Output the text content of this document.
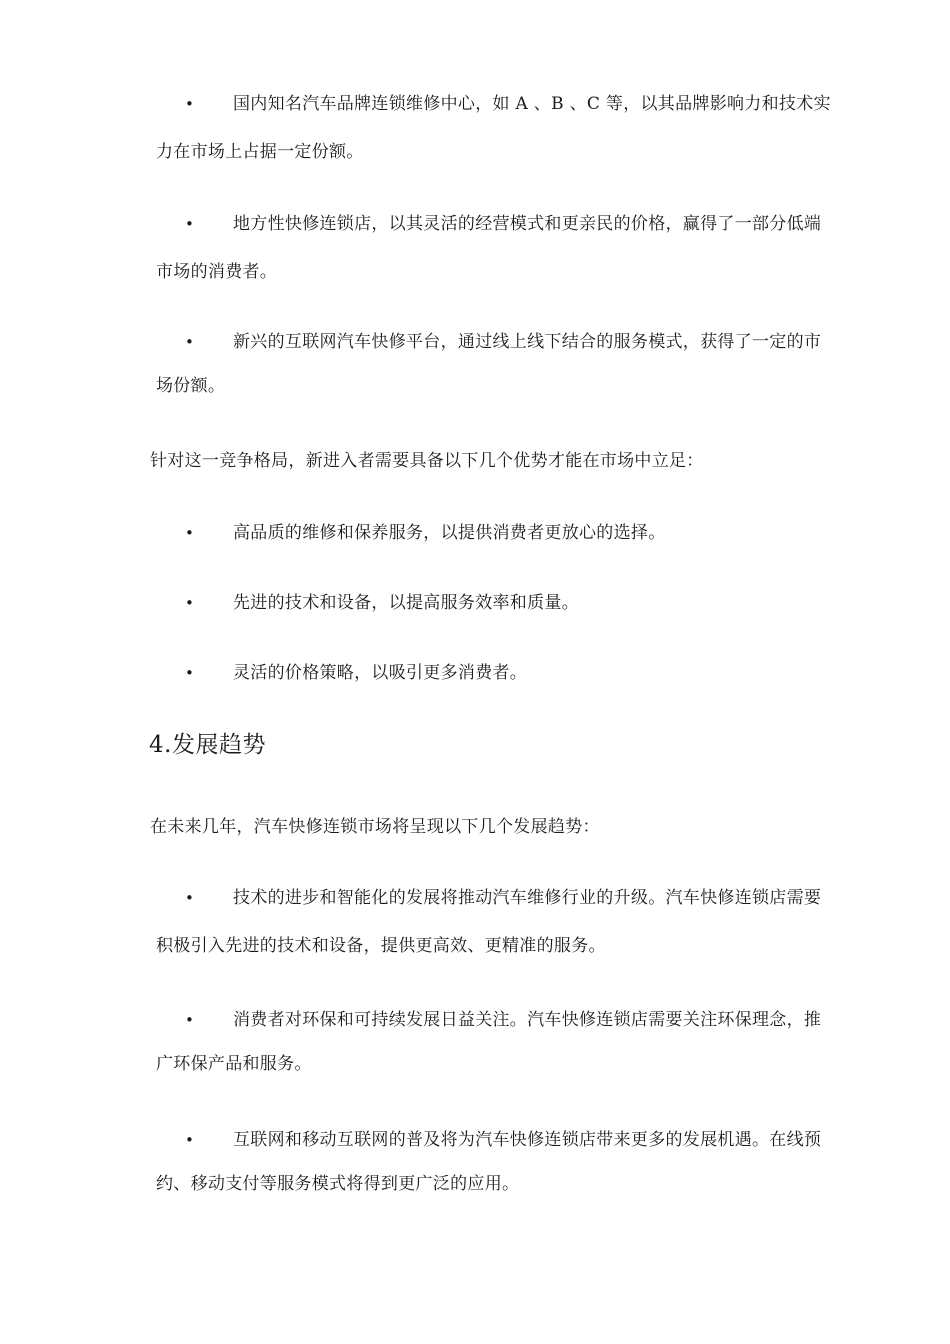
• 国内知名汽车品牌连锁维修中心，如 A 、B 、C 等，以其品牌影响力和技术实力在市场上占据一定份额。
• 地方性快修连锁店，以其灵活的经营模式和更亲民的价格，赢得了一部分低端市场的消费者。
• 新兴的互联网汽车快修平台，通过线上线下结合的服务模式，获得了一定的市场份额。
针对这一竞争格局，新进入者需要具备以下几个优势才能在市场中立足：
• 高品质的维修和保养服务，以提供消费者更放心的选择。
• 先进的技术和设备，以提高服务效率和质量。
• 灵活的价格策略，以吸引更多消费者。
4.发展趋势
在未来几年，汽车快修连锁市场将呈现以下几个发展趋势：
• 技术的进步和智能化的发展将推动汽车维修行业的升级。汽车快修连锁店需要积极引入先进的技术和设备，提供更高效、更精准的服务。
• 消费者对环保和可持续发展日益关注。汽车快修连锁店需要关注环保理念，推广环保产品和服务。
• 互联网和移动互联网的普及将为汽车快修连锁店带来更多的发展机遇。在线预约、移动支付等服务模式将得到更广泛的应用。
